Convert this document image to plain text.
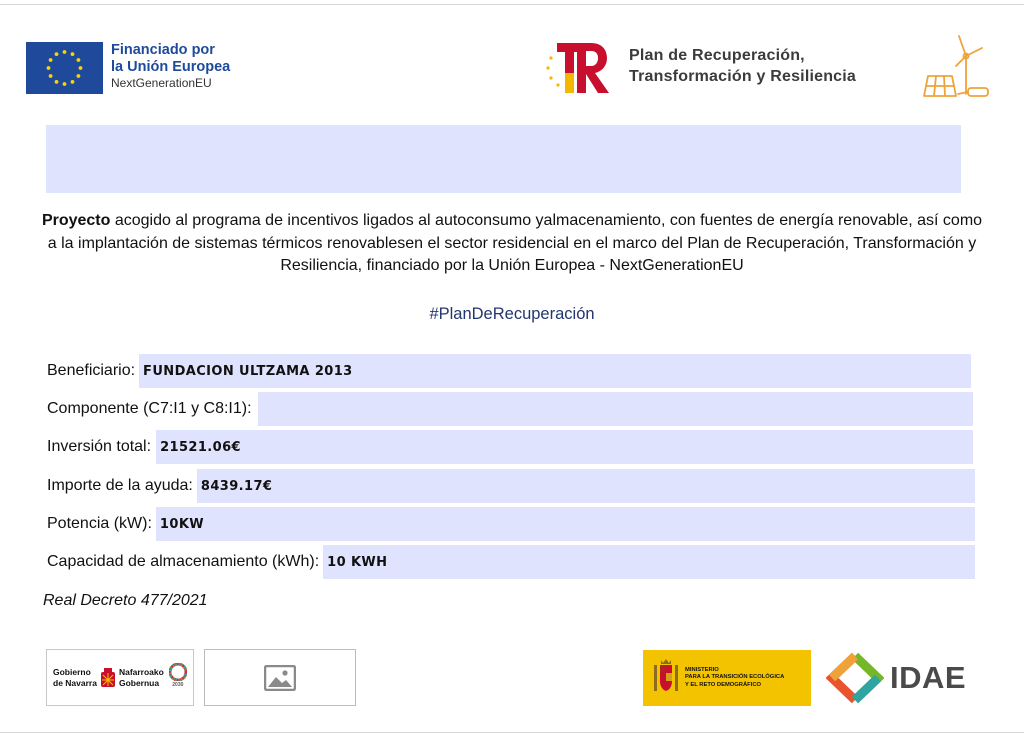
Financiado por
la Unión Europea
NextGenerationEU
Plan de Recuperación,
Transformación y Resiliencia

Proyecto acogido al programa de incentivos ligados al autoconsumo yalmacenamiento, con fuentes de energía renovable, así como a la implantación de sistemas térmicos renovablesen el sector residencial en el marco del Plan de Recuperación, Transformación y Resiliencia, financiado por la Unión Europea - NextGenerationEU

#PlanDeRecuperación
Beneficiario: FUNDACION ULTZAMA 2013
Componente (C7:I1 y C8:I1):
Inversión total: 21521.06€
Importe de la ayuda: 8439.17€
Potencia (kW): 10KW
Capacidad de almacenamiento (kWh): 10 KWH
Real Decreto 477/2021
Gobierno
de Navarra
Nafarroako
Gobernua	2030
MINISTERIO
PARA LA TRANSICIÓN ECOLÓGICA
Y EL RETO DEMOGRÁFICO	IDAE
